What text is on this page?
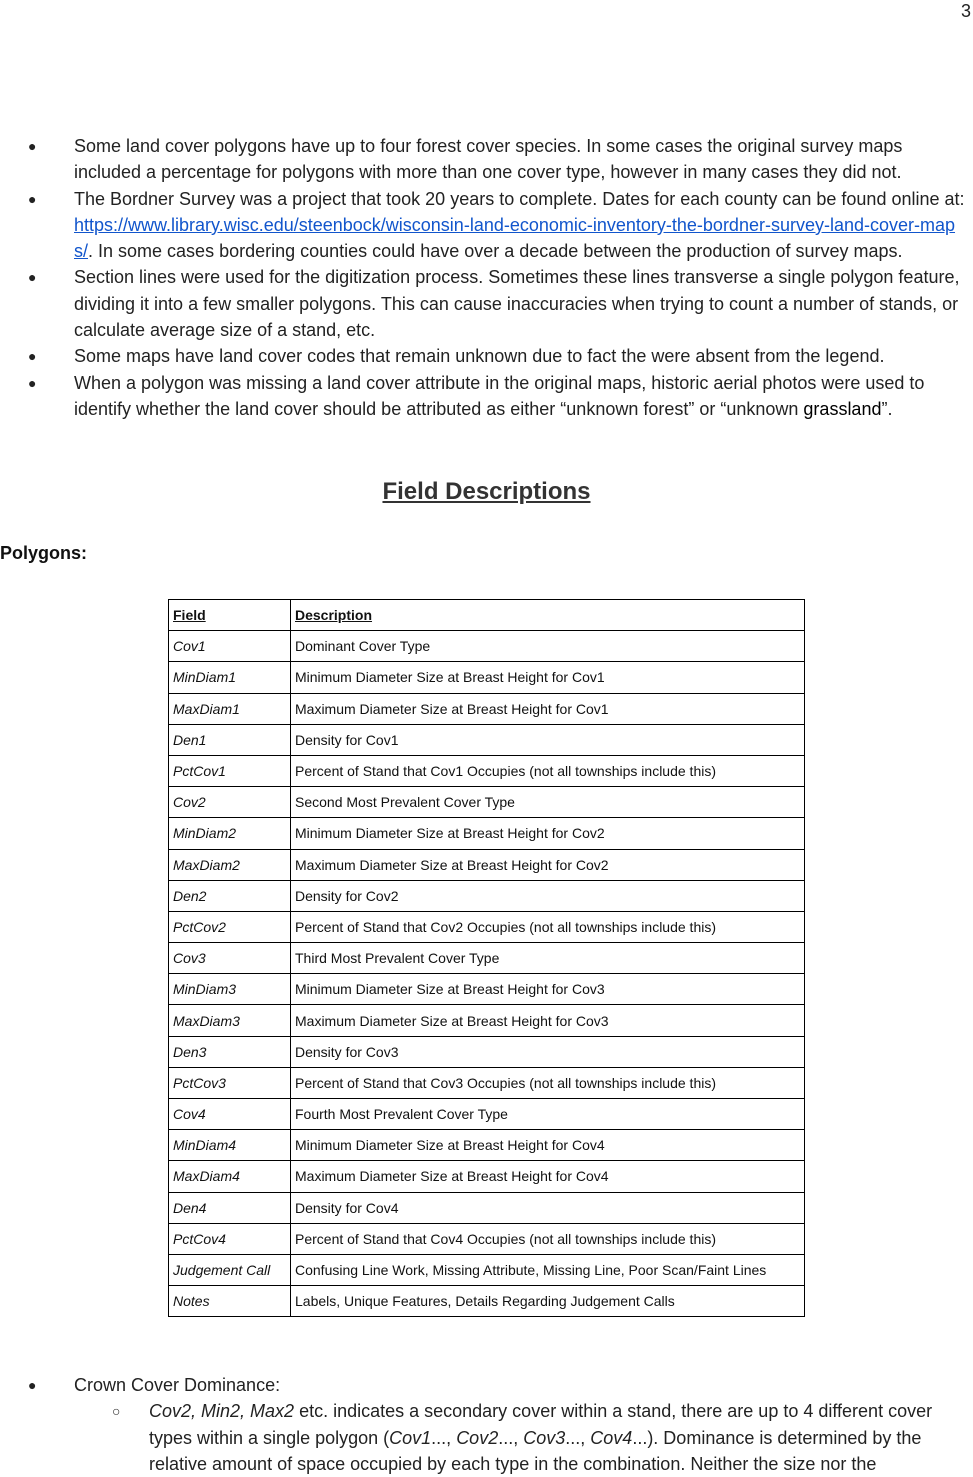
3
● Some land cover polygons have up to four forest cover species. In some cases the original survey maps included a percentage for polygons with more than one cover type, however in many cases they did not.
● The Bordner Survey was a project that took 20 years to complete. Dates for each county can be found online at: https://www.library.wisc.edu/steenbock/wisconsin-land-economic-inventory-the-bordner-survey-land-cover-maps/. In some cases bordering counties could have over a decade between the production of survey maps.
● Section lines were used for the digitization process. Sometimes these lines transverse a single polygon feature, dividing it into a few smaller polygons. This can cause inaccuracies when trying to count a number of stands, or calculate average size of a stand, etc.
● Some maps have land cover codes that remain unknown due to fact the were absent from the legend.
● When a polygon was missing a land cover attribute in the original maps, historic aerial photos were used to identify whether the land cover should be attributed as either “unknown forest” or “unknown grassland”.
Field Descriptions
Polygons:
Field	Description
Cov1	Dominant Cover Type
MinDiam1	Minimum Diameter Size at Breast Height for Cov1
MaxDiam1	Maximum Diameter Size at Breast Height for Cov1
Den1	Density for Cov1
PctCov1	Percent of Stand that Cov1 Occupies (not all townships include this)
Cov2	Second Most Prevalent Cover Type
MinDiam2	Minimum Diameter Size at Breast Height for Cov2
MaxDiam2	Maximum Diameter Size at Breast Height for Cov2
Den2	Density for Cov2
PctCov2	Percent of Stand that Cov2 Occupies (not all townships include this)
Cov3	Third Most Prevalent Cover Type
MinDiam3	Minimum Diameter Size at Breast Height for Cov3
MaxDiam3	Maximum Diameter Size at Breast Height for Cov3
Den3	Density for Cov3
PctCov3	Percent of Stand that Cov3 Occupies (not all townships include this)
Cov4	Fourth Most Prevalent Cover Type
MinDiam4	Minimum Diameter Size at Breast Height for Cov4
MaxDiam4	Maximum Diameter Size at Breast Height for Cov4
Den4	Density for Cov4
PctCov4	Percent of Stand that Cov4 Occupies (not all townships include this)
Judgement Call	Confusing Line Work, Missing Attribute, Missing Line, Poor Scan/Faint Lines
Notes	Labels, Unique Features, Details Regarding Judgement Calls
● Crown Cover Dominance:
○ Cov2, Min2, Max2 etc. indicates a secondary cover within a stand, there are up to 4 different cover types within a single polygon (Cov1..., Cov2..., Cov3..., Cov4...). Dominance is determined by the relative amount of space occupied by each type in the combination. Neither the size nor the
